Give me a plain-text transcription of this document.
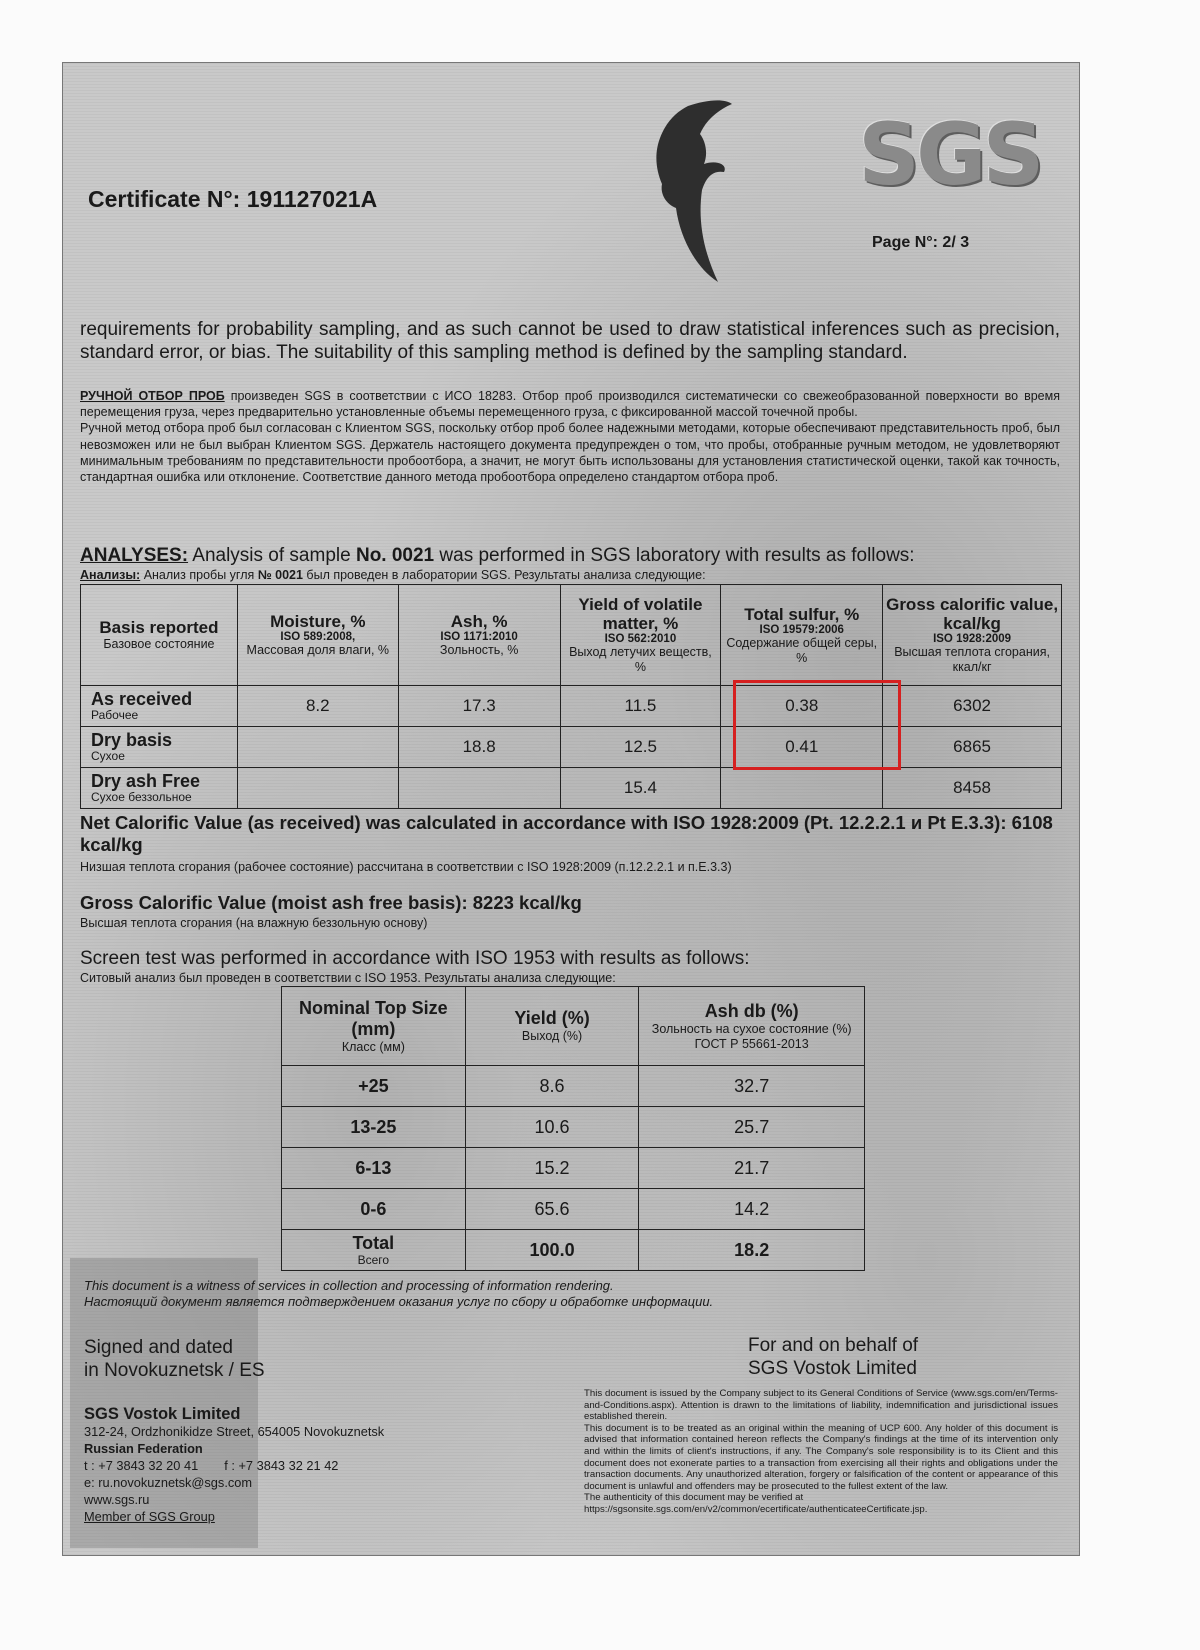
SGS
Certificate N°: 191127021A
Page N°: 2/ 3
requirements for probability sampling, and as such cannot be used to draw statistical inferences such as precision, standard error, or bias. The suitability of this sampling method is defined by the sampling standard.
РУЧНОЙ ОТБОР ПРОБ произведен SGS в соответствии с ИСО 18283. Отбор проб производился систематически со свежеобразованной поверхности во время перемещения груза, через предварительно установленные объемы перемещенного груза, с фиксированной массой точечной пробы.
Ручной метод отбора проб был согласован с Клиентом SGS, поскольку отбор проб более надежными методами, которые обеспечивают представительность проб, был невозможен или не был выбран Клиентом SGS. Держатель настоящего документа предупрежден о том, что пробы, отобранные ручным методом, не удовлетворяют минимальным требованиям по представительности пробоотбора, а значит, не могут быть использованы для установления статистической оценки, такой как точность, стандартная ошибка или отклонение. Соответствие данного метода пробоотбора определено стандартом отбора проб.
ANALYSES: Analysis of sample No. 0021 was performed in SGS laboratory with results as follows:
Анализы: Анализ пробы угля № 0021 был проведен в лаборатории SGS. Результаты анализа следующие:
Basis reported
Базовое состояние	Moisture, %
ISO 589:2008,
Массовая доля влаги, %	Ash, %
ISO 1171:2010
Зольность, %	Yield of volatile matter, %
ISO 562:2010
Выход летучих веществ, %	Total sulfur, %
ISO 19579:2006
Содержание общей серы, %	Gross calorific value, kcal/kg
ISO 1928:2009
Высшая теплота сгорания, ккал/кг

As received
Рабочее	8.2	17.3	11.5	0.38	6302

Dry basis
Сухое		18.8	12.5	0.41	6865

Dry ash Free
Сухое беззольное			15.4		8458
Net Calorific Value (as received) was calculated in accordance with ISO 1928:2009 (Pt. 12.2.2.1 и Pt E.3.3): 6108 kcal/kg
Низшая теплота сгорания (рабочее состояние) рассчитана в соответствии с ISO 1928:2009 (п.12.2.2.1 и п.Е.3.3)
Gross Calorific Value (moist ash free basis): 8223 kcal/kg
Высшая теплота сгорания (на влажную беззольную основу)
Screen test was performed in accordance with ISO 1953 with results as follows:
Ситовый анализ был проведен в соответствии с ISO 1953. Результаты анализа следующие:
Nominal Top Size (mm)
Класс (мм)	Yield (%)
Выход (%)	Ash db (%)
Зольность на сухое состояние (%)
ГОСТ Р 55661-2013

+25	8.6	32.7
13-25	10.6	25.7
6-13	15.2	21.7
0-6	65.6	14.2
Total
Всего	100.0	18.2
This document is a witness of services in collection and processing of information rendering.
Настоящий документ является подтверждением оказания услуг по сбору и обработке информации.
Signed and dated
in Novokuznetsk / ES
For and on behalf of
SGS Vostok Limited
SGS Vostok Limited
312-24, Ordzhonikidze Street, 654005 Novokuznetsk
Russian Federation
t : +7 3843 32 20 41 f : +7 3843 32 21 42
e: ru.novokuznetsk@sgs.com
www.sgs.ru
Member of SGS Group
This document is issued by the Company subject to its General Conditions of Service (www.sgs.com/en/Terms-and-Conditions.aspx). Attention is drawn to the limitations of liability, indemnification and jurisdictional issues established therein.
This document is to be treated as an original within the meaning of UCP 600. Any holder of this document is advised that information contained hereon reflects the Company's findings at the time of its intervention only and within the limits of client's instructions, if any. The Company's sole responsibility is to its Client and this document does not exonerate parties to a transaction from exercising all their rights and obligations under the transaction documents. Any unauthorized alteration, forgery or falsification of the content or appearance of this document is unlawful and offenders may be prosecuted to the fullest extent of the law.
The authenticity of this document may be verified at
https://sgsonsite.sgs.com/en/v2/common/ecertificate/authenticateeCertificate.jsp.
